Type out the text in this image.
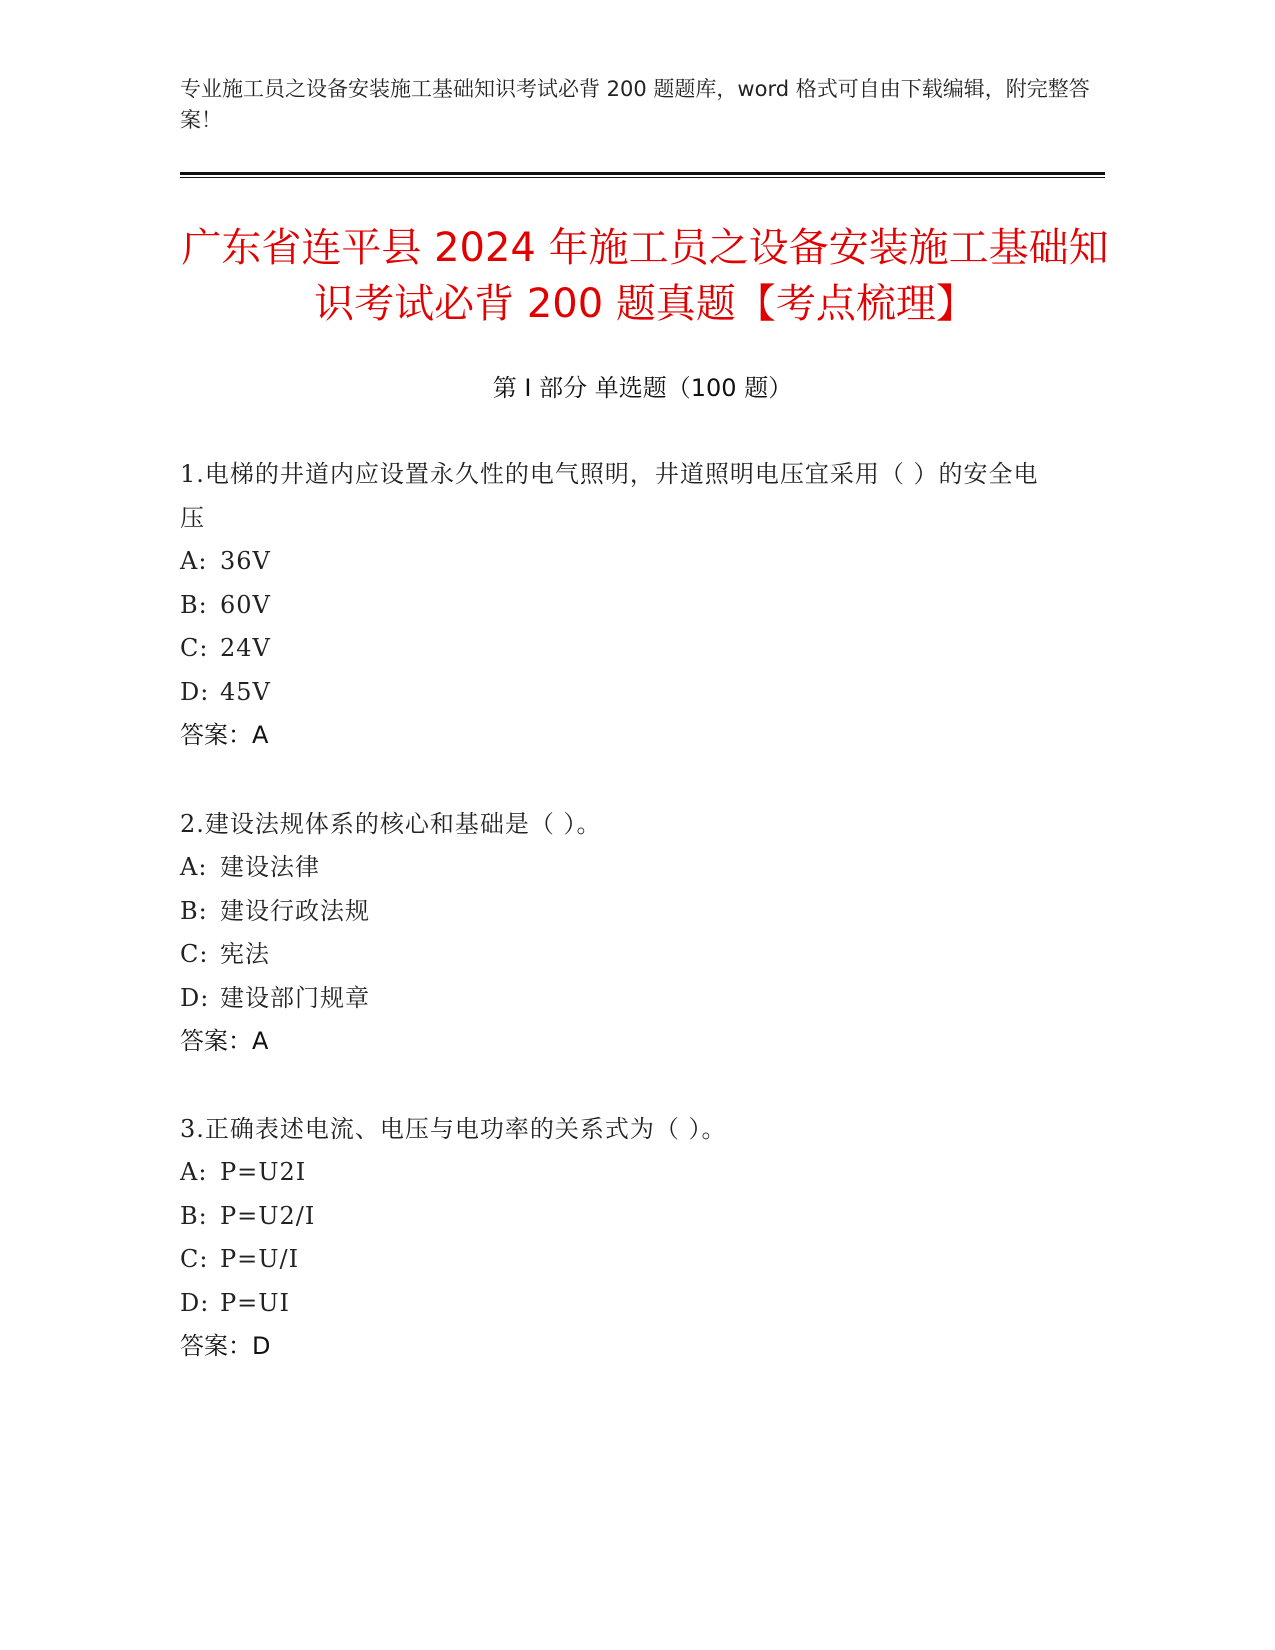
专业施工员之设备安装施工基础知识考试必背 200 题题库，word 格式可自由下载编辑，附完整答案！
广东省连平县 2024 年施工员之设备安装施工基础知识考试必背 200 题真题【考点梳理】
第 I 部分 单选题（100 题）

1.电梯的井道内应设置永久性的电气照明，井道照明电压宜采用（ ）的安全电压

A: 36V

B: 60V

C: 24V

D: 45V

答案：A

2.建设法规体系的核心和基础是（ ）。

A: 建设法律

B: 建设行政法规

C: 宪法

D: 建设部门规章

答案：A

3.正确表述电流、电压与电功率的关系式为（ ）。

A: P=U2I

B: P=U2/I

C: P=U/I

D: P=UI

答案：D
